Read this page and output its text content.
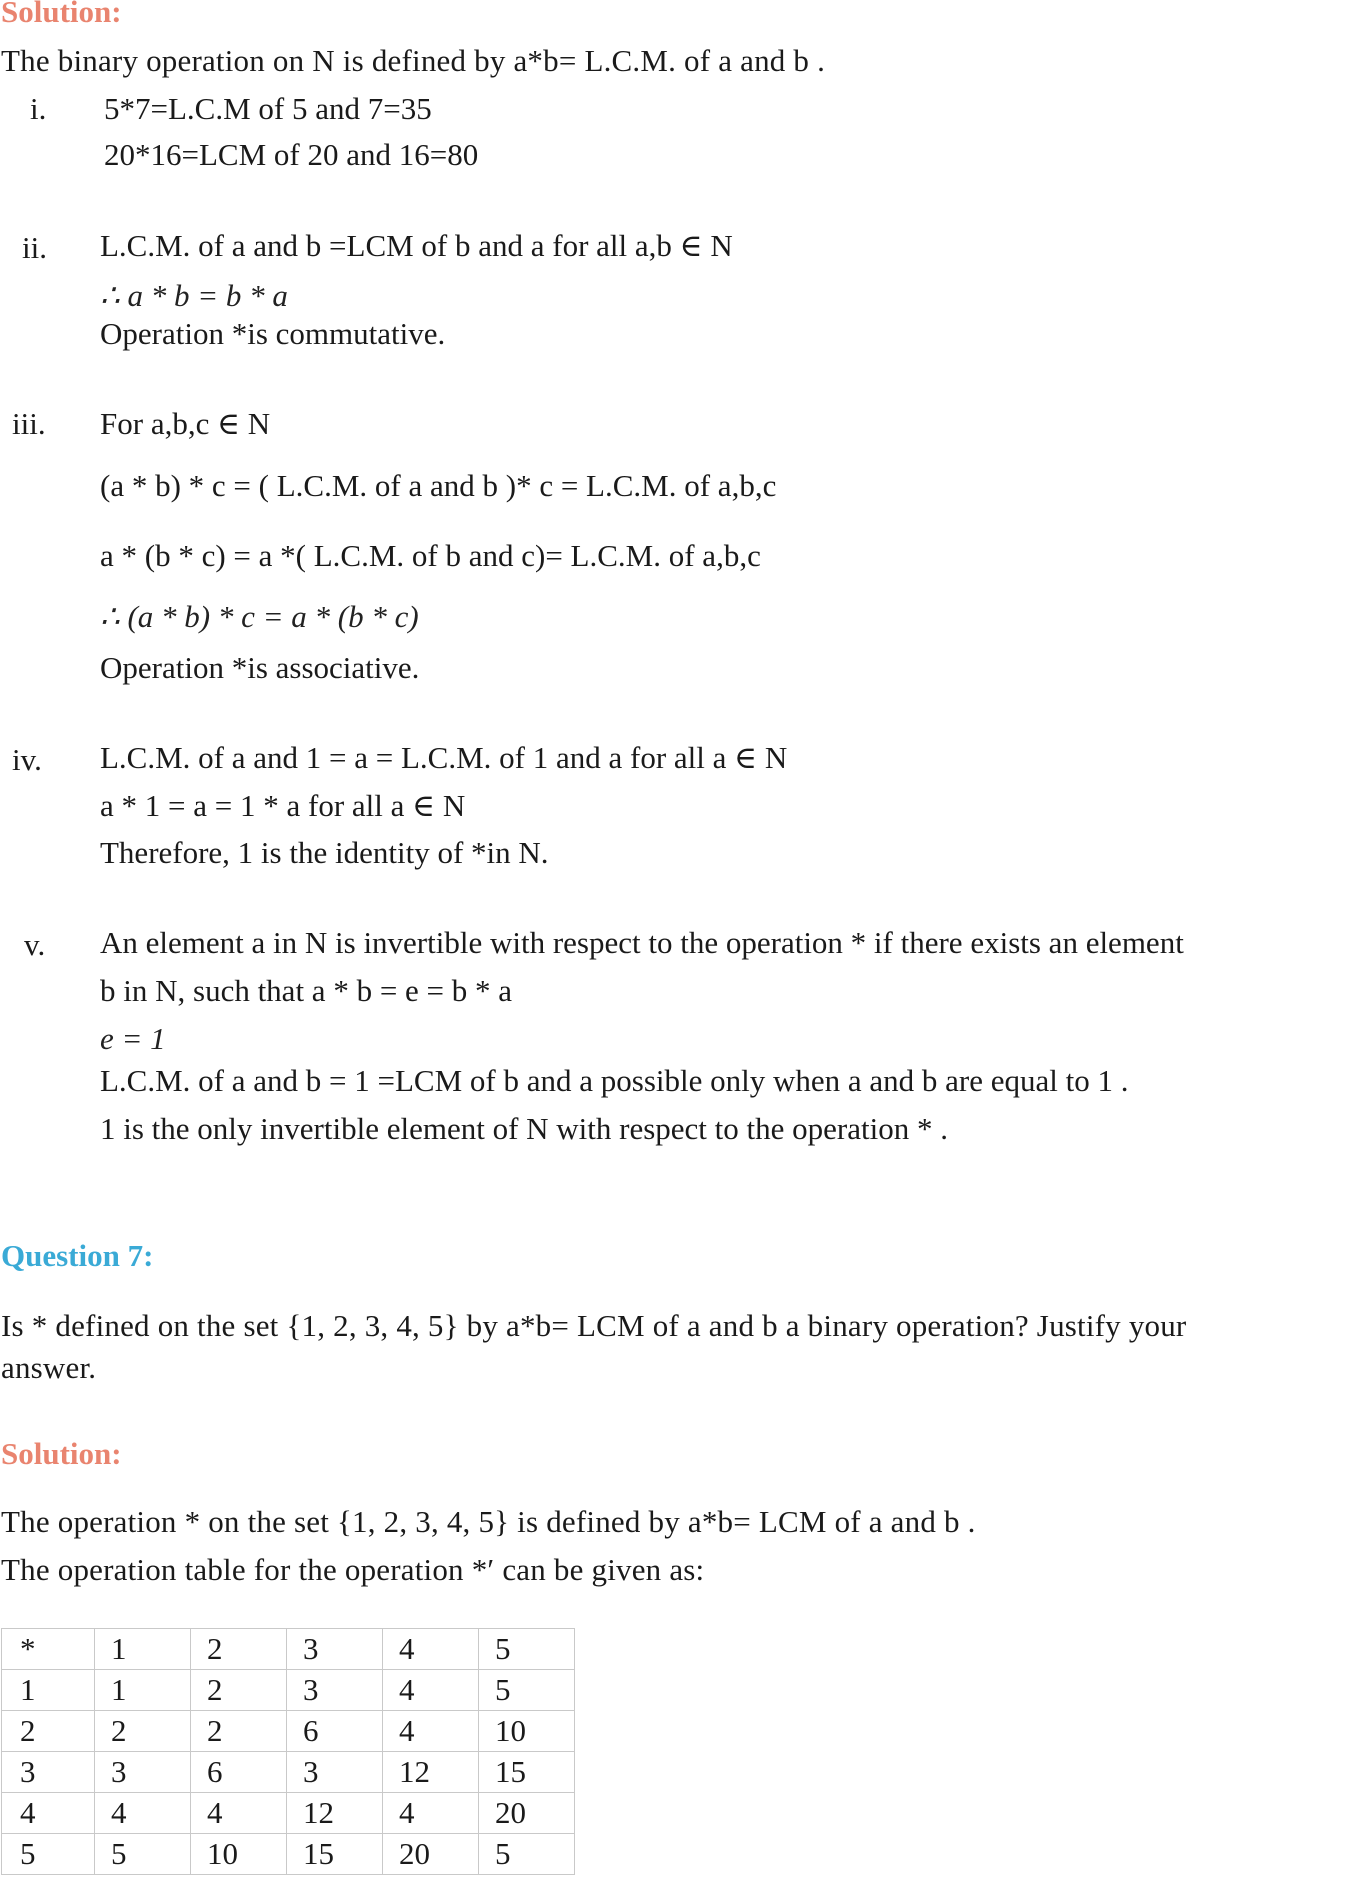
Solution:
The binary operation on N is defined by a*b= L.C.M. of a and b .
i. 5*7=L.C.M of 5 and 7=35
20*16=LCM of 20 and 16=80
ii. L.C.M. of a and b =LCM of b and a for all a,b ∈ N
∴ a * b = b * a
Operation *is commutative.
iii. For a,b,c ∈ N
(a * b) * c = ( L.C.M. of a and b )* c = L.C.M. of a,b,c
a * (b * c) = a *( L.C.M. of b and c)= L.C.M. of a,b,c
∴ (a * b) * c = a * (b * c)
Operation *is associative.
iv. L.C.M. of a and 1 = a = L.C.M. of 1 and a for all a ∈ N
a * 1 = a = 1 * a for all a ∈ N
Therefore, 1 is the identity of *in N.
v. An element a in N is invertible with respect to the operation * if there exists an element
b in N, such that a * b = e = b * a
e = 1
L.C.M. of a and b = 1 =LCM of b and a possible only when a and b are equal to 1 .
1 is the only invertible element of N with respect to the operation * .
Question 7:
Is * defined on the set {1, 2, 3, 4, 5} by a*b= LCM of a and b a binary operation? Justify your
answer.
Solution:
The operation * on the set {1, 2, 3, 4, 5} is defined by a*b= LCM of a and b .
The operation table for the operation *′ can be given as:
*	1	2	3	4	5
1	1	2	3	4	5
2	2	2	6	4	10
3	3	6	3	12	15
4	4	4	12	4	20
5	5	10	15	20	5
